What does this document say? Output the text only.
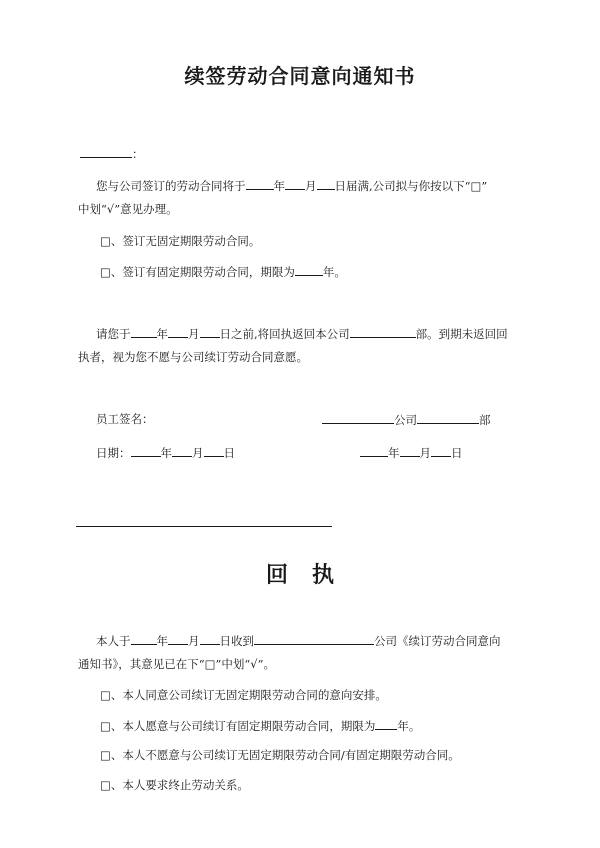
续签劳动合同意向通知书
：
您与公司签订的劳动合同将于 年 月 日届满,公司拟与你按以下“□”
中划“√”意见办理。
□、签订无固定期限劳动合同。
□、签订有固定期限劳动合同，期限为 年。
请您于 年 月 日之前,将回执返回本公司	部。到期未返回回
执者，视为您不愿与公司续订劳动合同意愿。
员工签名：	公司	部
日期：	年 月 日	年 月 日
回 执
本人于 年 月 日收到	公司《续订劳动合同意向
通知书》，其意见已在下“□”中划“√”。
□、本人同意公司续订无固定期限劳动合同的意向安排。
□、本人愿意与公司续订有固定期限劳动合同，期限为 年。
□、本人不愿意与公司续订无固定期限劳动合同/有固定期限劳动合同。
□、本人要求终止劳动关系。
